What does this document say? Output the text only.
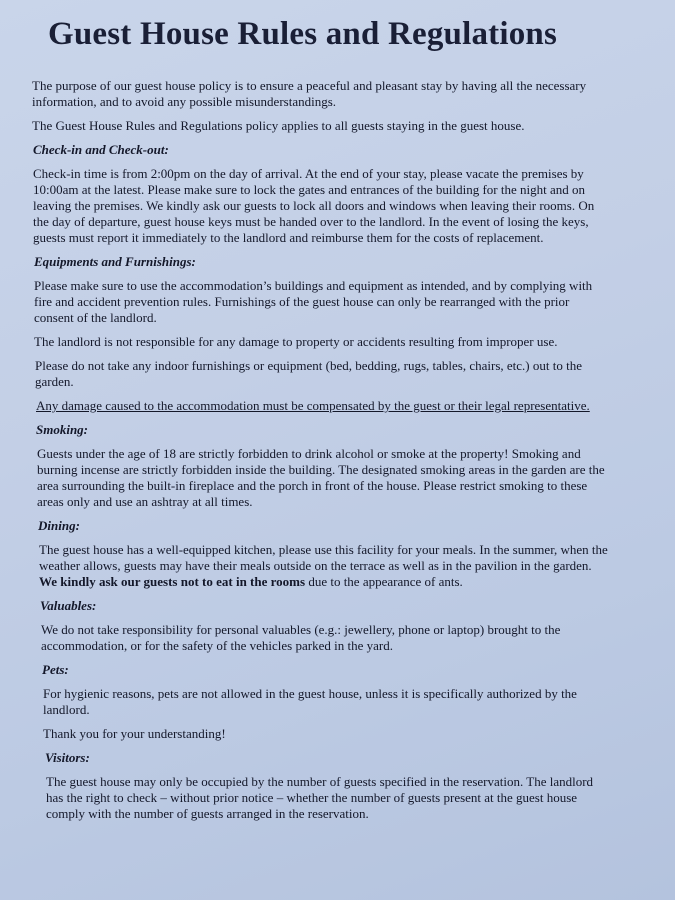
Guest House Rules and Regulations

The purpose of our guest house policy is to ensure a peaceful and pleasant stay by having all the necessary information, and to avoid any possible misunderstandings.

The Guest House Rules and Regulations policy applies to all guests staying in the guest house.

Check-in and Check-out:

Check-in time is from 2:00pm on the day of arrival. At the end of your stay, please vacate the premises by 10:00am at the latest. Please make sure to lock the gates and entrances of the building for the night and on leaving the premises. We kindly ask our guests to lock all doors and windows when leaving their rooms. On the day of departure, guest house keys must be handed over to the landlord. In the event of losing the keys, guests must report it immediately to the landlord and reimburse them for the costs of replacement.

Equipments and Furnishings:

Please make sure to use the accommodation’s buildings and equipment as intended, and by complying with fire and accident prevention rules. Furnishings of the guest house can only be rearranged with the prior consent of the landlord.

The landlord is not responsible for any damage to property or accidents resulting from improper use.

Please do not take any indoor furnishings or equipment (bed, bedding, rugs, tables, chairs, etc.) out to the garden.

Any damage caused to the accommodation must be compensated by the guest or their legal representative.

Smoking:

Guests under the age of 18 are strictly forbidden to drink alcohol or smoke at the property! Smoking and burning incense are strictly forbidden inside the building. The designated smoking areas in the garden are the area surrounding the built-in fireplace and the porch in front of the house. Please restrict smoking to these areas only and use an ashtray at all times.

Dining:

The guest house has a well-equipped kitchen, please use this facility for your meals. In the summer, when the weather allows, guests may have their meals outside on the terrace as well as in the pavilion in the garden. We kindly ask our guests not to eat in the rooms due to the appearance of ants.

Valuables:

We do not take responsibility for personal valuables (e.g.: jewellery, phone or laptop) brought to the accommodation, or for the safety of the vehicles parked in the yard.

Pets:

For hygienic reasons, pets are not allowed in the guest house, unless it is specifically authorized by the landlord.

Thank you for your understanding!

Visitors:

The guest house may only be occupied by the number of guests specified in the reservation. The landlord has the right to check – without prior notice – whether the number of guests present at the guest house comply with the number of guests arranged in the reservation.
